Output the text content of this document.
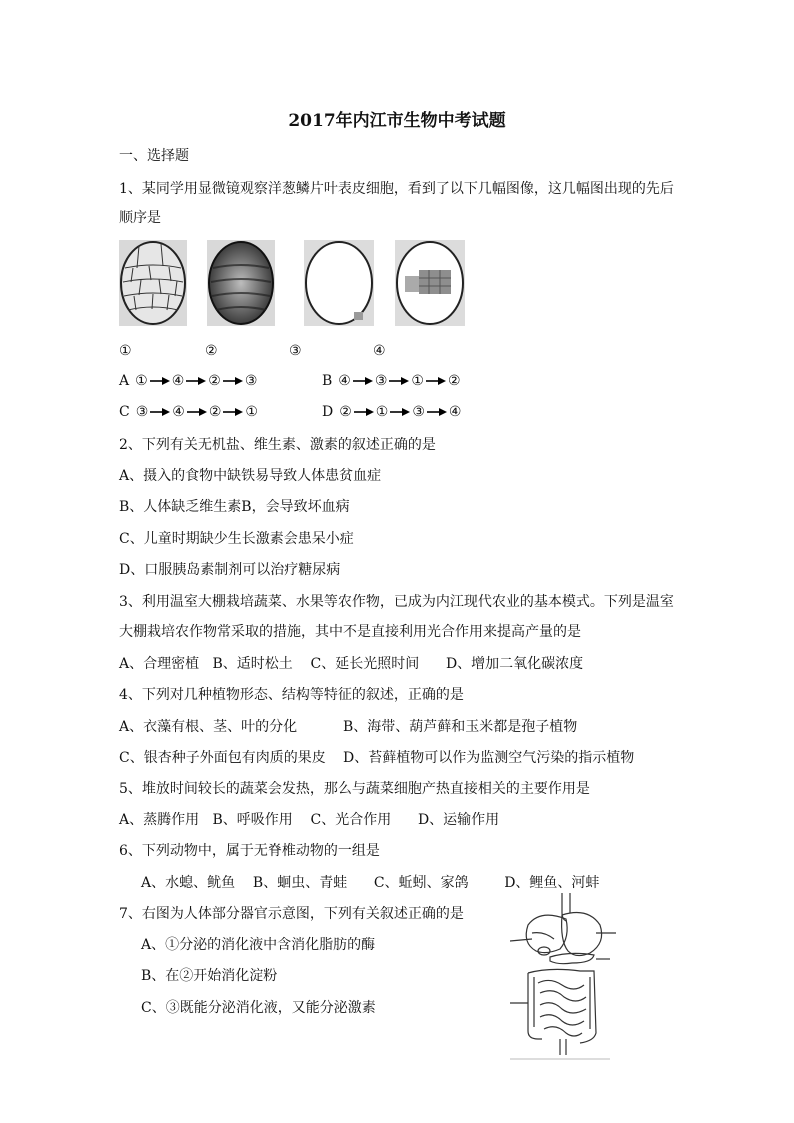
2017年内江市生物中考试题
一、选择题
1、某同学用显微镜观察洋葱鳞片叶表皮细胞，看到了以下几幅图像，这几幅图出现的先后
顺序是
①	②	③	④
A ① ④ ② ③	B ④ ③ ① ②
C ③ ④ ② ①	D ② ① ③ ④
2、下列有关无机盐、维生素、激素的叙述正确的是
A、摄入的食物中缺铁易导致人体患贫血症
B、人体缺乏维生素B，会导致坏血病
C、儿童时期缺少生长激素会患呆小症
D、口服胰岛素制剂可以治疗糖尿病
3、利用温室大棚栽培蔬菜、水果等农作物，已成为内江现代农业的基本模式。下列是温室
大棚栽培农作物常采取的措施，其中不是直接利用光合作用来提高产量的是
A、合理密植   B、适时松土    C、延长光照时间      D、增加二氧化碳浓度
4、下列对几种植物形态、结构等特征的叙述，正确的是
A、衣藻有根、茎、叶的分化	B、海带、葫芦藓和玉米都是孢子植物
C、银杏种子外面包有肉质的果皮 D、苔藓植物可以作为监测空气污染的指示植物
5、堆放时间较长的蔬菜会发热，那么与蔬菜细胞产热直接相关的主要作用是
A、蒸腾作用   B、呼吸作用    C、光合作用      D、运输作用
6、下列动物中，属于无脊椎动物的一组是
A、水螅、鱿鱼    B、蛔虫、青蛙      C、蚯蚓、家鸽        D、鲤鱼、河蚌
7、右图为人体部分器官示意图，下列有关叙述正确的是
A、①分泌的消化液中含消化脂肪的酶
B、在②开始消化淀粉
C、③既能分泌消化液，又能分泌激素
